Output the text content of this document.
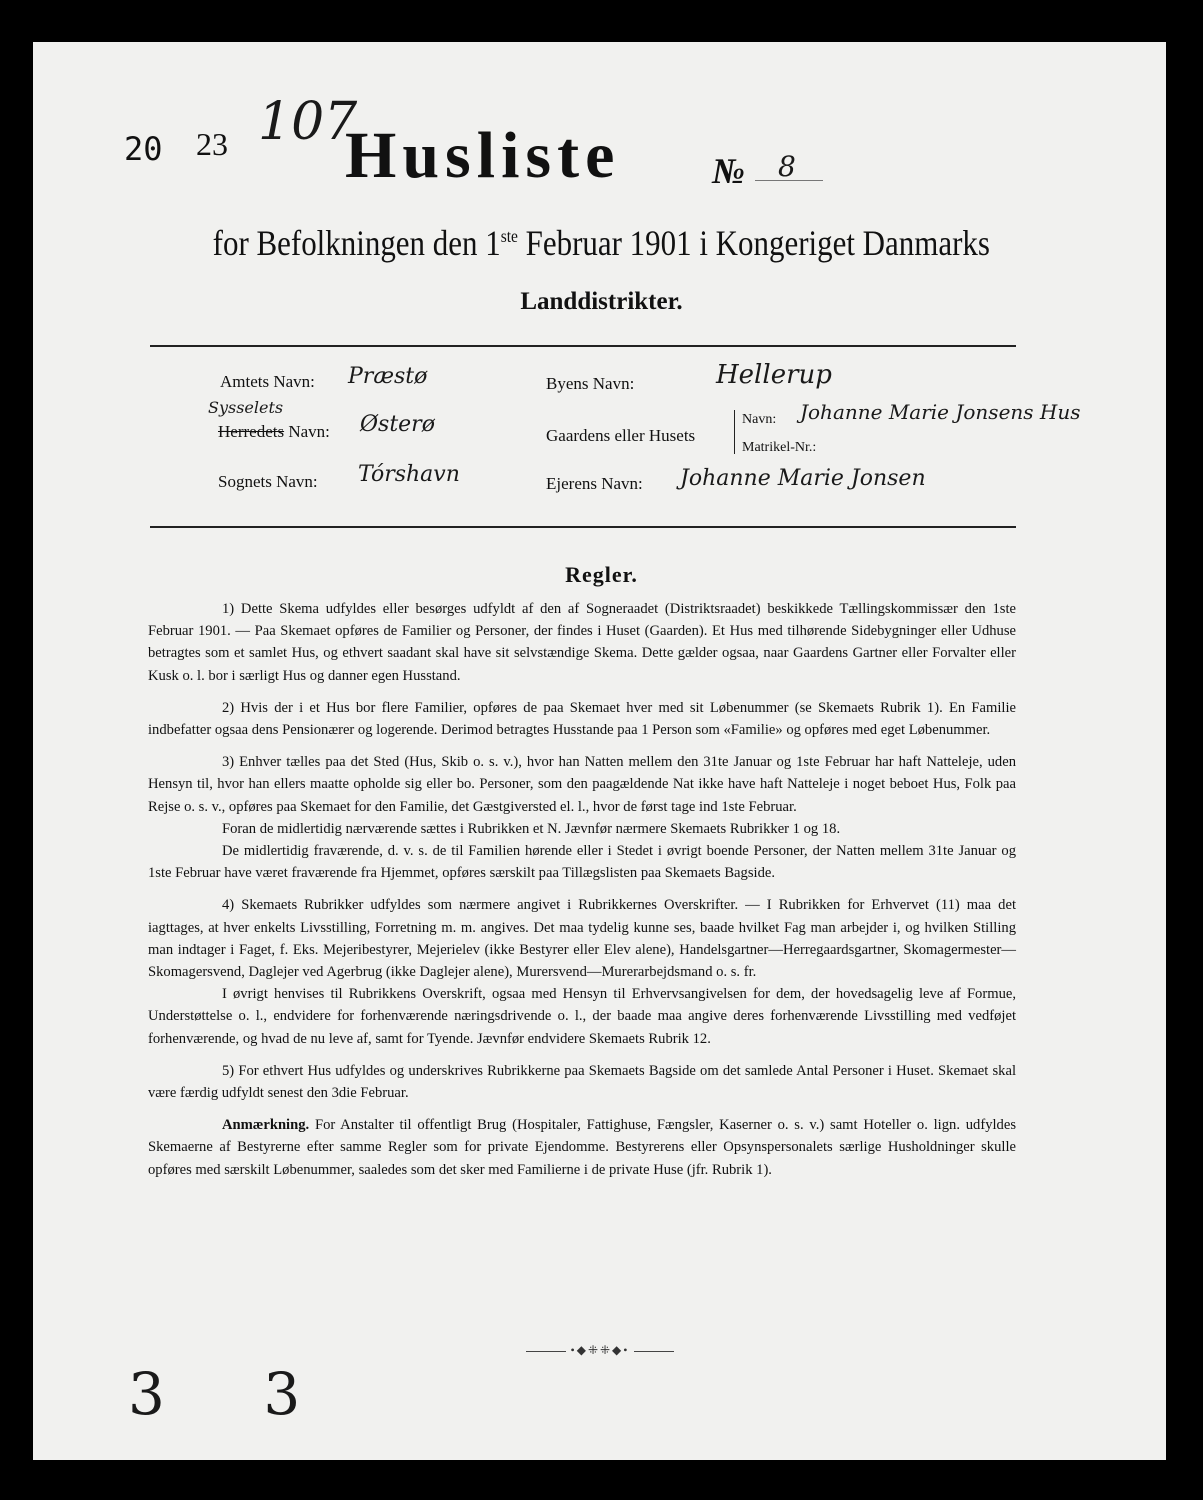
20 23 107
Husliste	№ 8
for Befolkningen den 1ste Februar 1901 i Kongeriget Danmarks
Landdistrikter.
Amtets Navn: Præstø
Sysselets
Herredets Navn: Østerø
Sognets Navn: Tórshavn
Byens Navn:	Hellerup
Gaardens eller Husets
Navn: Johanne Marie Jonsens Hus
Matrikel-Nr.:
Ejerens Navn: Johanne Marie Jonsen
Regler.

1) Dette Skema udfyldes eller besørges udfyldt af den af Sogneraadet (Distriktsraadet) beskikkede Tællingskommissær den 1ste Februar 1901. — Paa Skemaet opføres de Familier og Personer, der findes i Huset (Gaarden). Et Hus med tilhørende Sidebygninger eller Udhuse betragtes som et samlet Hus, og ethvert saadant skal have sit selvstændige Skema. Dette gælder ogsaa, naar Gaardens Gartner eller Forvalter eller Kusk o. l. bor i særligt Hus og danner egen Husstand.

2) Hvis der i et Hus bor flere Familier, opføres de paa Skemaet hver med sit Løbenummer (se Skemaets Rubrik 1). En Familie indbefatter ogsaa dens Pensionærer og logerende. Derimod betragtes Husstande paa 1 Person som «Familie» og opføres med eget Løbenummer.

3) Enhver tælles paa det Sted (Hus, Skib o. s. v.), hvor han Natten mellem den 31te Januar og 1ste Februar har haft Natteleje, uden Hensyn til, hvor han ellers maatte opholde sig eller bo. Personer, som den paagældende Nat ikke have haft Natteleje i noget beboet Hus, Folk paa Rejse o. s. v., opføres paa Skemaet for den Familie, det Gæstgiversted el. l., hvor de først tage ind 1ste Februar.

Foran de midlertidig nærværende sættes i Rubrikken et N. Jævnfør nærmere Skemaets Rubrikker 1 og 18.

De midlertidig fraværende, d. v. s. de til Familien hørende eller i Stedet i øvrigt boende Personer, der Natten mellem 31te Januar og 1ste Februar have været fraværende fra Hjemmet, opføres særskilt paa Tillægslisten paa Skemaets Bagside.

4) Skemaets Rubrikker udfyldes som nærmere angivet i Rubrikkernes Overskrifter. — I Rubrikken for Erhvervet (11) maa det iagttages, at hver enkelts Livsstilling, Forretning m. m. angives. Det maa tydelig kunne ses, baade hvilket Fag man arbejder i, og hvilken Stilling man indtager i Faget, f. Eks. Mejeribestyrer, Mejerielev (ikke Bestyrer eller Elev alene), Handelsgartner—Herregaardsgartner, Skomagermester—Skomagersvend, Daglejer ved Agerbrug (ikke Daglejer alene), Murersvend—Murerarbejdsmand o. s. fr.

I øvrigt henvises til Rubrikkens Overskrift, ogsaa med Hensyn til Erhvervsangivelsen for dem, der hovedsagelig leve af Formue, Understøttelse o. l., endvidere for forhenværende næringsdrivende o. l., der baade maa angive deres forhenværende Livsstilling med vedføjet forhenværende, og hvad de nu leve af, samt for Tyende. Jævnfør endvidere Skemaets Rubrik 12.

5) For ethvert Hus udfyldes og underskrives Rubrikkerne paa Skemaets Bagside om det samlede Antal Personer i Huset. Skemaet skal være færdig udfyldt senest den 3die Februar.

Anmærkning. For Anstalter til offentligt Brug (Hospitaler, Fattighuse, Fængsler, Kaserner o. s. v.) samt Hoteller o. lign. udfyldes Skemaerne af Bestyrerne efter samme Regler som for private Ejendomme. Bestyrerens eller Opsynspersonalets særlige Husholdninger skulle opføres med særskilt Løbenummer, saaledes som det sker med Familierne i de private Huse (jfr. Rubrik 1).

•◆⁜⁜◆•
3 3
